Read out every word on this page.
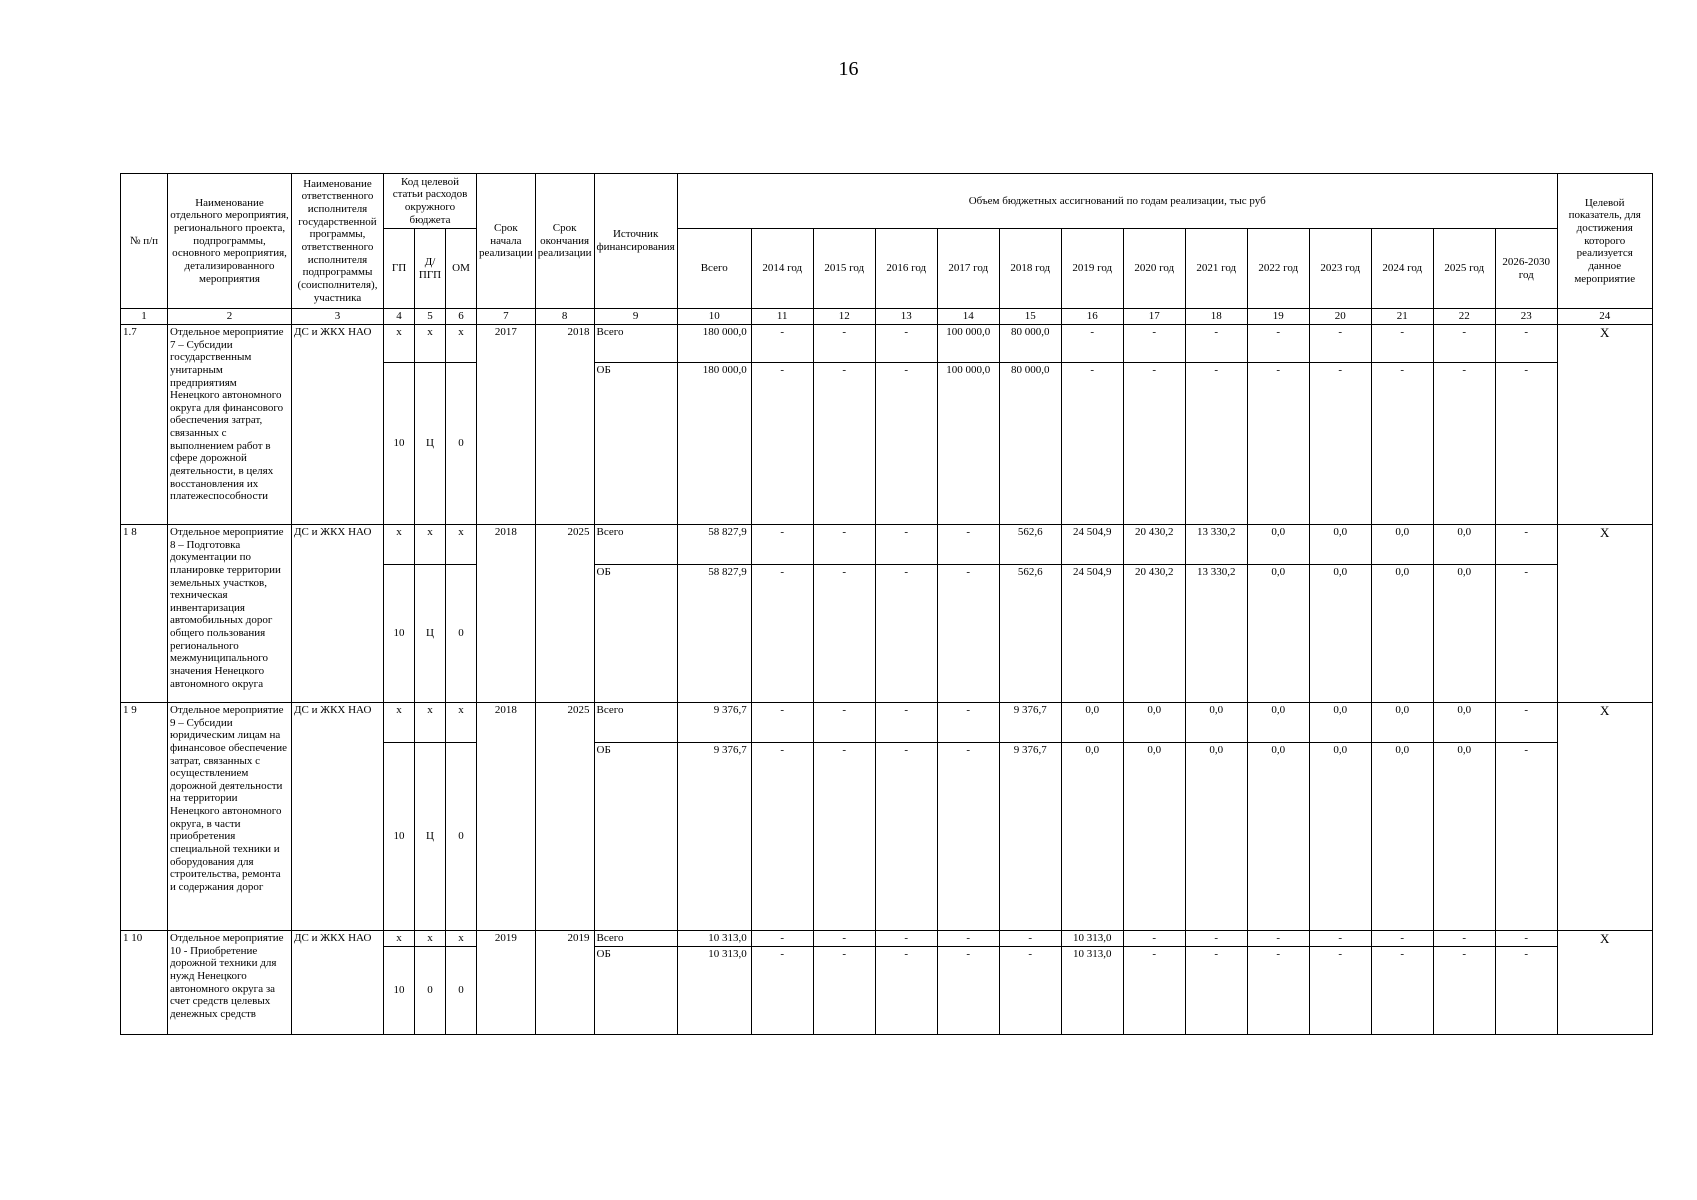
16
№ п/п	Наименование отдельного мероприятия, регионального проекта, подпрограммы, основного мероприятия, детализированного мероприятия	Наименование ответственного исполнителя государственной программы, ответственного исполнителя подпрограммы (соисполнителя), участника	Код целевой статьи расходов окружного бюджета			Срок начала реализации	Срок окончания реализации	Источник финансирования	Объем бюджетных ассигнований по годам реализации, тыс руб														Целевой показатель, для достижения которого реализуется данное мероприятие
			ГП	Д/ПГП	ОМ				Всего	2014 год	2015 год	2016 год	2017 год	2018 год	2019 год	2020 год	2021 год	2022 год	2023 год	2024 год	2025 год	2026-2030 год	
1	2	3	4	5	6	7	8	9	10	11	12	13	14	15	16	17	18	19	20	21	22	23	24
1.7	Отдельное мероприятие 7 – Субсидии государственным унитарным предприятиям Ненецкого автономного округа для финансового обеспечения затрат, связанных с выполнением работ в сфере дорожной деятельности, в целях восстановления их платежеспособности	ДС и ЖКХ НАО	х	х	х	2017	2018	Всего	180 000,0	-	-	-	100 000,0	80 000,0	-	-	-	-	-	-	-	-	Х
			10	Ц	0			ОБ	180 000,0	-	-	-	100 000,0	80 000,0	-	-	-	-	-	-	-	-	

1 8	Отдельное мероприятие 8 – Подготовка документации по планировке территории земельных участков, техническая инвентаризация автомобильных дорог общего пользования регионального межмуниципального значения Ненецкого автономного округа	ДС и ЖКХ НАО	х	х	х	2018	2025	Всего	58 827,9	-	-	-	-	562,6	24 504,9	20 430,2	13 330,2	0,0	0,0	0,0	0,0	-	Х
			10	Ц	0			ОБ	58 827,9	-	-	-	-	562,6	24 504,9	20 430,2	13 330,2	0,0	0,0	0,0	0,0	-	

1 9	Отдельное мероприятие 9 – Субсидии юридическим лицам на финансовое обеспечение затрат, связанных с осуществлением дорожной деятельности на территории Ненецкого автономного округа, в части приобретения специальной техники и оборудования для строительства, ремонта и содержания дорог	ДС и ЖКХ НАО	х	х	х	2018	2025	Всего	9 376,7	-	-	-	-	9 376,7	0,0	0,0	0,0	0,0	0,0	0,0	0,0	-	Х
			10	Ц	0			ОБ	9 376,7	-	-	-	-	9 376,7	0,0	0,0	0,0	0,0	0,0	0,0	0,0	-	

1 10	Отдельное мероприятие 10 - Приобретение дорожной техники для нужд Ненецкого автономного округа за счет средств целевых денежных средств	ДС и ЖКХ НАО	х	х	х	2019	2019	Всего	10 313,0	-	-	-	-	-	10 313,0	-	-	-	-	-	-	-	Х
			10	0	0			ОБ	10 313,0	-	-	-	-	-	10 313,0	-	-	-	-	-	-	-	
